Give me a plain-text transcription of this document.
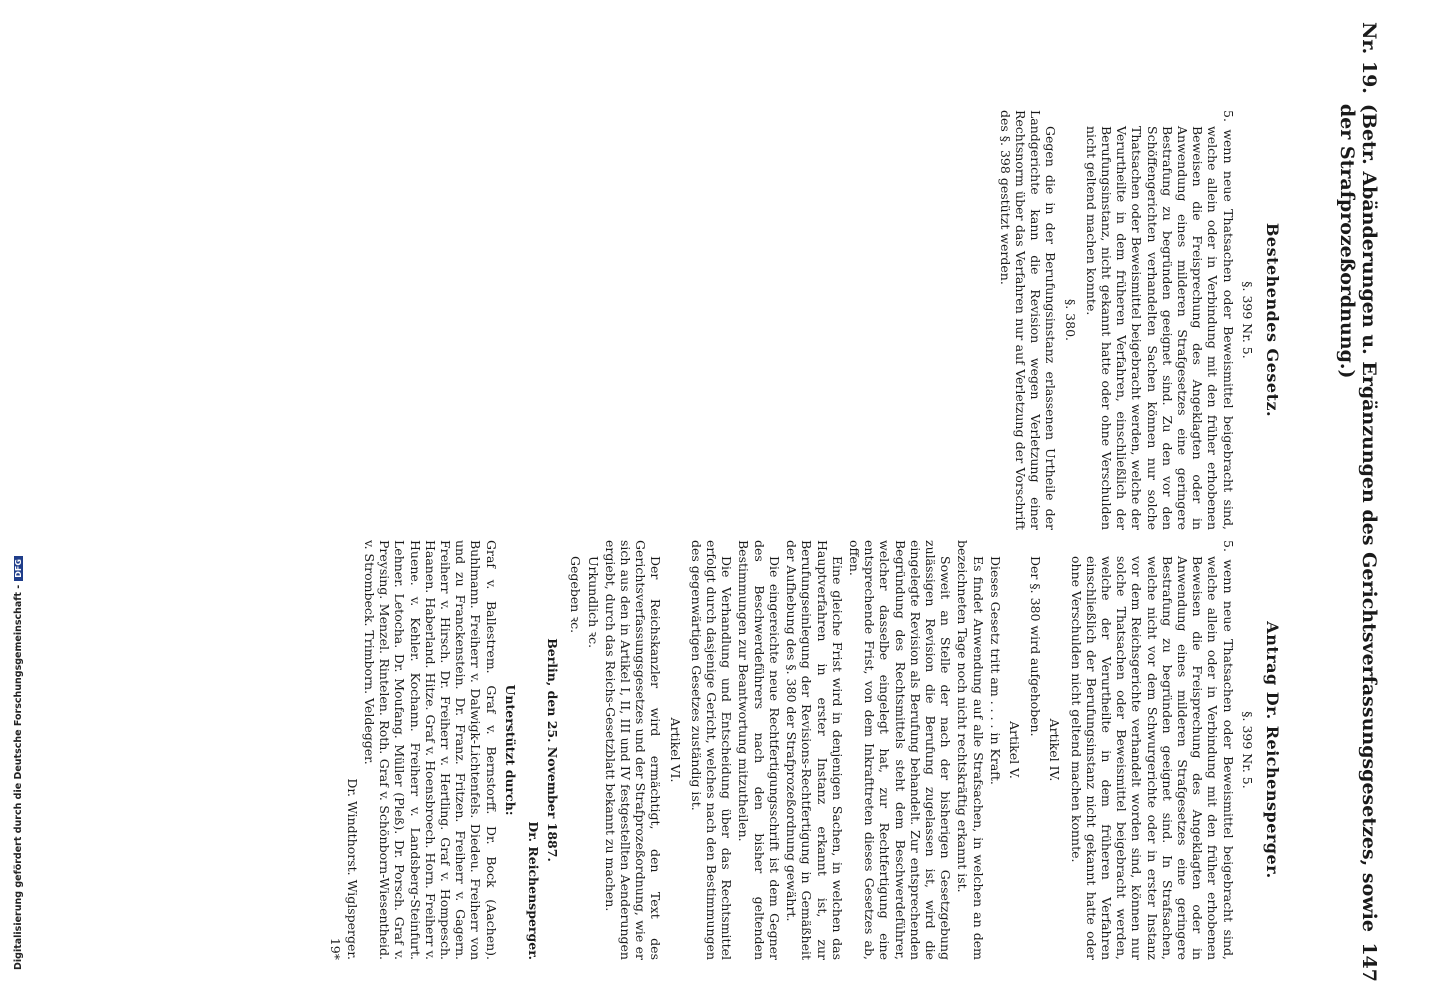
Digitalisierung gefördert durch die Deutsche Forschungsgemeinschaft -DFG
Nr. 19.
(Betr. Abänderungen u. Ergänzungen des Gerichtsverfassungsgesetzes, sowie der Strafprozeßordnung.)
147
Bestehendes Gesetz.
§. 399 Nr. 5.

5. wenn neue Thatsachen oder Beweismittel beigebracht sind, welche allein oder in Verbindung mit den früher erhobenen Beweisen die Freisprechung des Angeklagten oder in Anwendung eines milderen Strafgesetzes eine geringere Bestrafung zu begründen geeignet sind. Zu den vor den Schöffengerichten verhandelten Sachen können nur solche Thatsachen oder Beweismittel beigebracht werden, welche der Verurtheilte in dem früheren Verfahren, einschließlich der Berufungsinstanz, nicht gekannt hatte oder ohne Verschulden nicht geltend machen konnte.

§. 380.

Gegen die in der Berufungsinstanz erlassenen Urtheile der Landgerichte kann die Revision wegen Verletzung einer Rechtsnorm über das Verfahren nur auf Verletzung der Vorschrift des §. 398 gestützt werden.

Antrag Dr. Reichensperger.
§. 399 Nr. 5.

5. wenn neue Thatsachen oder Beweismittel beigebracht sind, welche allein oder in Verbindung mit den früher erhobenen Beweisen die Freisprechung des Angeklagten oder in Anwendung eines milderen Strafgesetzes eine geringere Bestrafung zu begründen geeignet sind. In Strafsachen, welche nicht vor dem Schwurgerichte oder in erster Instanz vor dem Reichsgerichte verhandelt worden sind, können nur solche Thatsachen oder Beweismittel beigebracht werden, welche der Verurtheilte in dem früheren Verfahren einschließlich der Berufungsinstanz nicht gekannt hatte oder ohne Verschulden nicht geltend machen konnte.

Artikel IV.

Der §. 380 wird aufgehoben.

Artikel V.

Dieses Gesetz tritt am . . . . in Kraft.

Es findet Anwendung auf alle Strafsachen, in welchen an dem bezeichneten Tage noch nicht rechtskräftig erkannt ist.

Soweit an Stelle der nach der bisherigen Gesetzgebung zulässigen Revision die Berufung zugelassen ist, wird die eingelegte Revision als Berufung behandelt. Zur entsprechenden Begründung des Rechtsmittels steht dem Beschwerdeführer, welcher dasselbe eingelegt hat, zur Rechtfertigung eine entsprechende Frist, von dem Inkrafttreten dieses Gesetzes ab, offen.

Eine gleiche Frist wird in denjenigen Sachen, in welchen das Hauptverfahren in erster Instanz erkannt ist, zur Berufungseinlegung der Revisions-Rechtfertigung in Gemäßheit der Aufhebung des §. 380 der Strafprozeßordnung gewährt.

Die eingereichte neue Rechtfertigungsschrift ist dem Gegner des Beschwerdeführers nach den bisher geltenden Bestimmungen zur Beantwortung mitzutheilen.

Die Verhandlung und Entscheidung über das Rechtsmittel erfolgt durch dasjenige Gericht, welches nach den Bestimmungen des gegenwärtigen Gesetzes zuständig ist.

Artikel VI.

Der Reichskanzler wird ermächtigt, den Text des Gerichtsverfassungsgesetzes und der Strafprozeßordnung, wie er sich aus den in Artikel I, II, III und IV festgestellten Aenderungen ergiebt, durch das Reichs-Gesetzblatt bekannt zu machen.

Urkundlich ꝛc.

Gegeben ꝛc.

Berlin, den 25. November 1887.
Dr. Reichensperger.
Unterstützt durch:

Graf v. Ballestrem. Graf v. Bernstorff. Dr. Bock (Aachen). Buhlmann. Freiherr v. Dalwigk-Lichtenfels. Diedeu. Freiherr von und zu Franckenstein. Dr. Franz. Fritzen. Freiherr v. Gagern. Freiherr v. Hirsch. Dr. Freiherr v. Hertling. Graf v. Hompesch. Haanen. Haberland. Hitze. Graf v. Hoensbroech. Horn. Freiherr v. Huene. v. Kehler. Kochann. Freiherr v. Landsberg-Steinfurt. Lehner. Letocha. Dr. Moufang. Müller (Pleß). Dr. Porsch. Graf v. Preysing. Menzel. Rintelen. Roth. Graf v. Schönborn-Wiesentheid. v. Strombeck. Trimborn. Veldegger.

Dr. Windthorst. Wiglsperger.

19*
